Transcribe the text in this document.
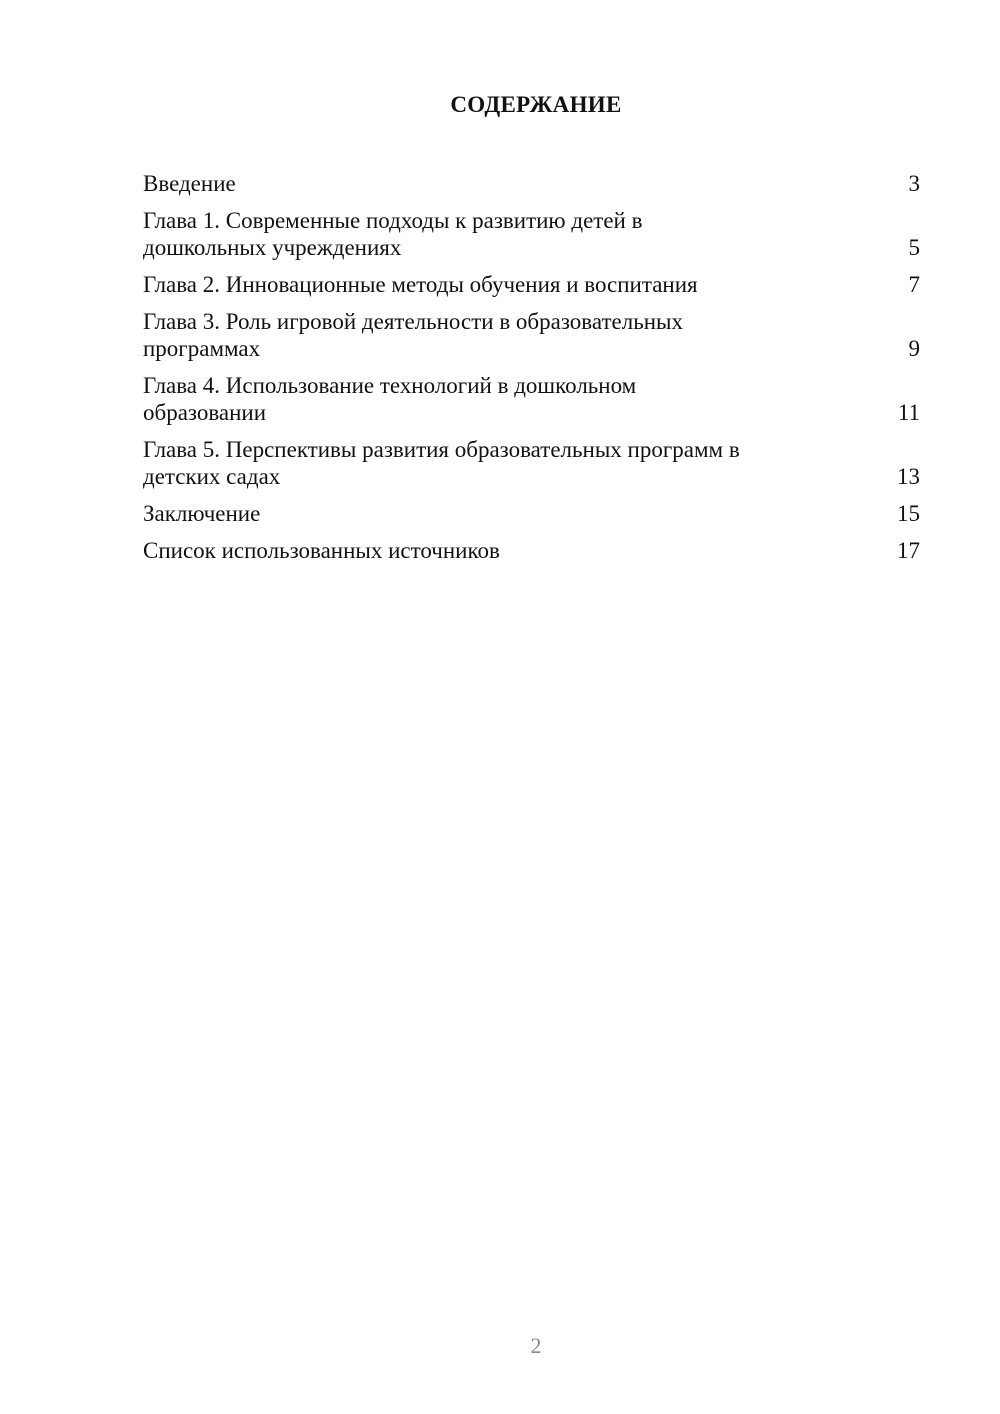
СОДЕРЖАНИЕ
Введение	3
Глава 1. Современные подходы к развитию детей в
дошкольных учреждениях	5
Глава 2. Инновационные методы обучения и воспитания	7
Глава 3. Роль игровой деятельности в образовательных
программах	9
Глава 4. Использование технологий в дошкольном
образовании	11
Глава 5. Перспективы развития образовательных программ в
детских садах	13
Заключение	15
Список использованных источников	17
2
